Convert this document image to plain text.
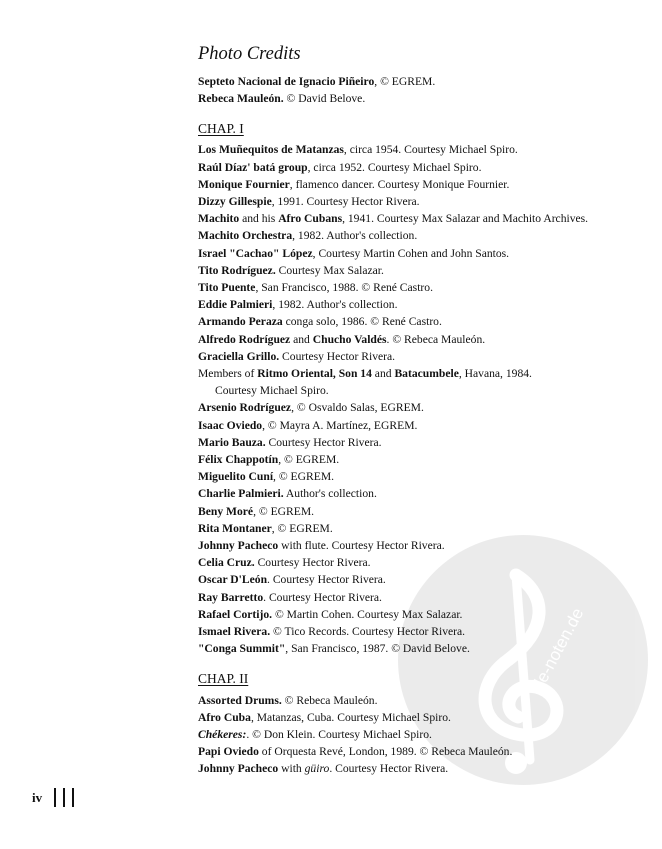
de-noten.de
Photo Credits
Septeto Nacional de Ignacio Piñeiro, © EGREM.
Rebeca Mauleón. © David Belove.
CHAP. I
Los Muñequitos de Matanzas, circa 1954. Courtesy Michael Spiro.
Raúl Díaz' batá group, circa 1952. Courtesy Michael Spiro.
Monique Fournier, flamenco dancer. Courtesy Monique Fournier.
Dizzy Gillespie, 1991. Courtesy Hector Rivera.
Machito and his Afro Cubans, 1941. Courtesy Max Salazar and Machito Archives.
Machito Orchestra, 1982. Author's collection.
Israel "Cachao" López, Courtesy Martin Cohen and John Santos.
Tito Rodríguez. Courtesy Max Salazar.
Tito Puente, San Francisco, 1988. © René Castro.
Eddie Palmieri, 1982. Author's collection.
Armando Peraza conga solo, 1986. © René Castro.
Alfredo Rodríguez and Chucho Valdés. © Rebeca Mauleón.
Graciella Grillo. Courtesy Hector Rivera.
Members of Ritmo Oriental, Son 14 and Batacumbele, Havana, 1984.
Courtesy Michael Spiro.
Arsenio Rodríguez, © Osvaldo Salas, EGREM.
Isaac Oviedo, © Mayra A. Martínez, EGREM.
Mario Bauza. Courtesy Hector Rivera.
Félix Chappotín, © EGREM.
Miguelito Cuní, © EGREM.
Charlie Palmieri. Author's collection.
Beny Moré, © EGREM.
Rita Montaner, © EGREM.
Johnny Pacheco with flute. Courtesy Hector Rivera.
Celia Cruz. Courtesy Hector Rivera.
Oscar D'León. Courtesy Hector Rivera.
Ray Barretto. Courtesy Hector Rivera.
Rafael Cortijo. © Martin Cohen. Courtesy Max Salazar.
Ismael Rivera. © Tico Records. Courtesy Hector Rivera.
"Conga Summit", San Francisco, 1987. © David Belove.
CHAP. II
Assorted Drums. © Rebeca Mauleón.
Afro Cuba, Matanzas, Cuba. Courtesy Michael Spiro.
Chékeres:. © Don Klein. Courtesy Michael Spiro.
Papi Oviedo of Orquesta Revé, London, 1989. © Rebeca Mauleón.
Johnny Pacheco with güiro. Courtesy Hector Rivera.
iv
